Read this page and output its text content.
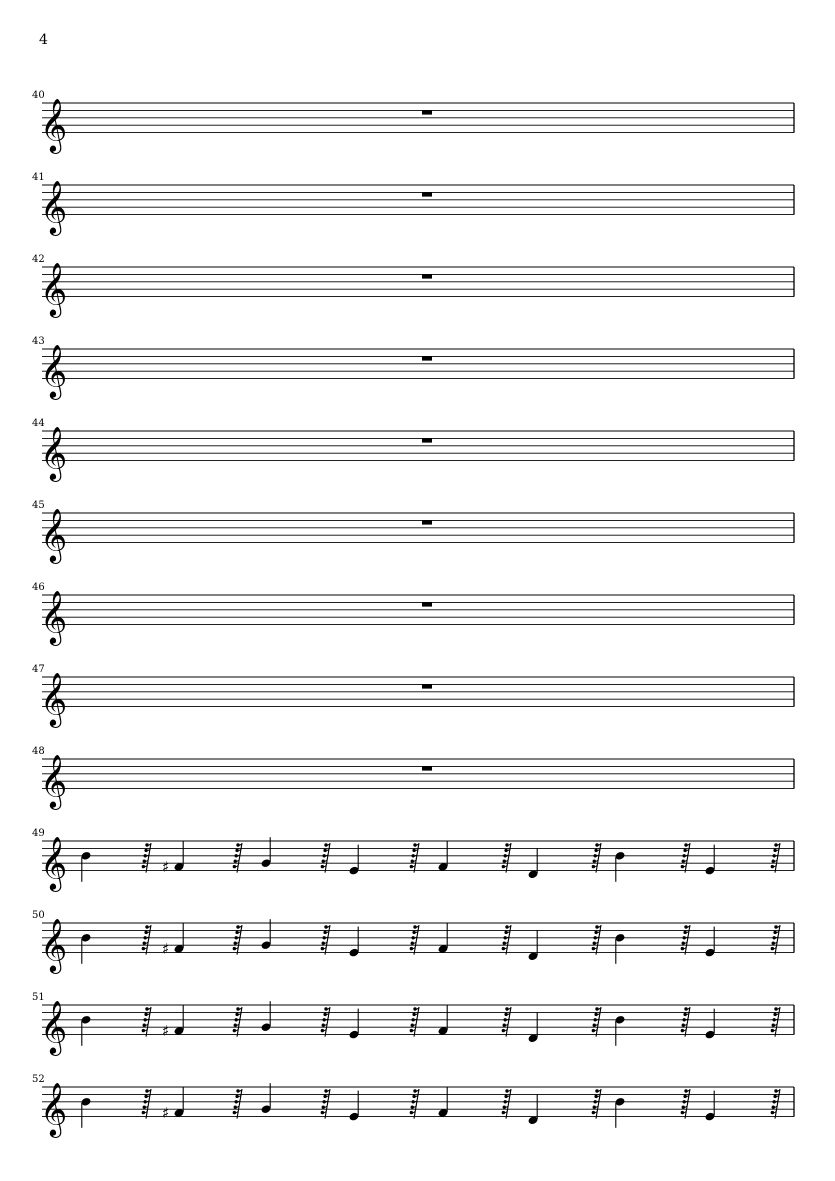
4
40
𝄞
41
𝄞
42
𝄞
43
𝄞
44
𝄞
45
𝄞
46
𝄞
47
𝄞
48
𝄞
49
𝄞	♯
50
𝄞	♯
51
𝄞	♯
52
𝄞	♯
